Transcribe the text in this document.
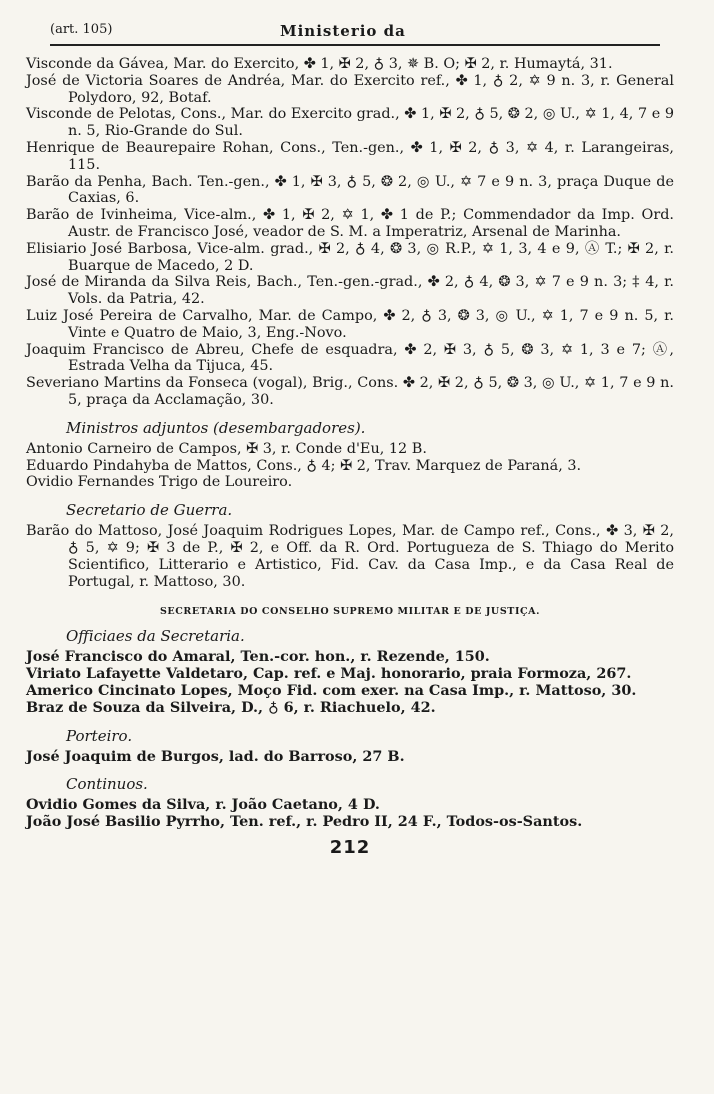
(art. 105)	Ministerio da

Visconde da Gávea, Mar. do Exercito, ✤ 1, ✠ 2, ♁ 3, ✵ B. O; ✠ 2, r. Humaytá, 31.

José de Victoria Soares de Andréa, Mar. do Exercito ref., ✤ 1, ♁ 2, ✡ 9 n. 3, r. General Polydoro, 92, Botaf.

Visconde de Pelotas, Cons., Mar. do Exercito grad., ✤ 1, ✠ 2, ♁ 5, ❂ 2, ◎ U., ✡ 1, 4, 7 e 9 n. 5, Rio-Grande do Sul.

Henrique de Beaurepaire Rohan, Cons., Ten.-gen., ✤ 1, ✠ 2, ♁ 3, ✡ 4, r. Larangeiras, 115.

Barão da Penha, Bach. Ten.-gen., ✤ 1, ✠ 3, ♁ 5, ❂ 2, ◎ U., ✡ 7 e 9 n. 3, praça Duque de Caxias, 6.

Barão de Ivinheima, Vice-alm., ✤ 1, ✠ 2, ✡ 1, ✤ 1 de P.; Commendador da Imp. Ord. Austr. de Francisco José, veador de S. M. a Imperatriz, Arsenal de Marinha.

Elisiario José Barbosa, Vice-alm. grad., ✠ 2, ♁ 4, ❂ 3, ◎ R.P., ✡ 1, 3, 4 e 9, Ⓐ T.; ✠ 2, r. Buarque de Macedo, 2 D.

José de Miranda da Silva Reis, Bach., Ten.-gen.-grad., ✤ 2, ♁ 4, ❂ 3, ✡ 7 e 9 n. 3; ‡ 4, r. Vols. da Patria, 42.

Luiz José Pereira de Carvalho, Mar. de Campo, ✤ 2, ♁ 3, ❂ 3, ◎ U., ✡ 1, 7 e 9 n. 5, r. Vinte e Quatro de Maio, 3, Eng.-Novo.

Joaquim Francisco de Abreu, Chefe de esquadra, ✤ 2, ✠ 3, ♁ 5, ❂ 3, ✡ 1, 3 e 7; Ⓐ, Estrada Velha da Tijuca, 45.

Severiano Martins da Fonseca (vogal), Brig., Cons. ✤ 2, ✠ 2, ♁ 5, ❂ 3, ◎ U., ✡ 1, 7 e 9 n. 5, praça da Acclamação, 30.

Ministros adjuntos (desembargadores).

Antonio Carneiro de Campos, ✠ 3, r. Conde d'Eu, 12 B.

Eduardo Pindahyba de Mattos, Cons., ♁ 4; ✠ 2, Trav. Marquez de Paraná, 3.

Ovidio Fernandes Trigo de Loureiro.

Secretario de Guerra.

Barão do Mattoso, José Joaquim Rodrigues Lopes, Mar. de Campo ref., Cons., ✤ 3, ✠ 2, ♁ 5, ✡ 9; ✠ 3 de P., ✠ 2, e Off. da R. Ord. Portugueza de S. Thiago do Merito Scientifico, Litterario e Artistico, Fid. Cav. da Casa Imp., e da Casa Real de Portugal, r. Mattoso, 30.

SECRETARIA DO CONSELHO SUPREMO MILITAR E DE JUSTIÇA.
Officiaes da Secretaria.

José Francisco do Amaral, Ten.-cor. hon., r. Rezende, 150.

Viriato Lafayette Valdetaro, Cap. ref. e Maj. honorario, praia Formoza, 267.

Americo Cincinato Lopes, Moço Fid. com exer. na Casa Imp., r. Mattoso, 30.

Braz de Souza da Silveira, D., ♁ 6, r. Riachuelo, 42.

Porteiro.

José Joaquim de Burgos, lad. do Barroso, 27 B.

Continuos.

Ovidio Gomes da Silva, r. João Caetano, 4 D.

João José Basilio Pyrrho, Ten. ref., r. Pedro II, 24 F., Todos-os-Santos.

212
